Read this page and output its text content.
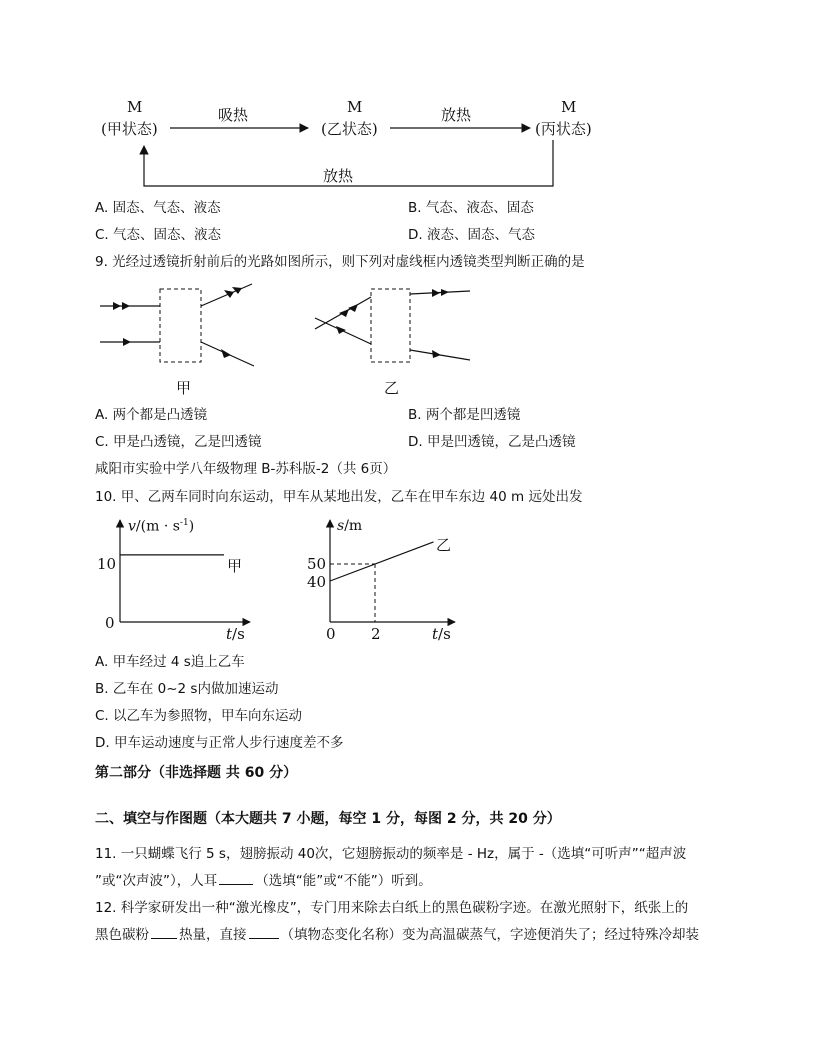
M
(甲状态)
M
(乙状态)
M
(丙状态)
吸热	放热
放热
A. 固态、气态、液态	B. 气态、液态、固态
C. 气态、固态、液态	D. 液态、固态、气态
9. 光经过透镜折射前后的光路如图所示，则下列对虚线框内透镜类型判断正确的是
甲	乙
A. 两个都是凸透镜	B. 两个都是凹透镜
C. 甲是凸透镜，乙是凹透镜	D. 甲是凹透镜，乙是凸透镜
咸阳市实验中学八年级物理 B-苏科版-2（共 6页）
10. 甲、乙两车同时向东运动，甲车从某地出发，乙车在甲车东边 40 m 远处出发
$v/(m \cdot s^{-1})$
10
0
甲
t/s
s/m
50
40
0 2
乙
t/s
A. 甲车经过 4 s追上乙车
B. 乙车在 0~2 s内做加速运动
C. 以乙车为参照物，甲车向东运动
D. 甲车运动速度与正常人步行速度差不多
第二部分（非选择题 共 60 分）
二、填空与作图题（本大题共 7 小题，每空 1 分，每图 2 分，共 20 分）
11. 一只蝴蝶飞行 5 s，翅膀振动 40次，它翅膀振动的频率是 - Hz，属于 -（选填“可听声”“超声波
”或“次声波”），人耳	（选填“能”或“不能”）听到。
12. 科学家研发出一种“激光橡皮”，专门用来除去白纸上的黑色碳粉字迹。在激光照射下，纸张上的
黑色碳粉 热量，直接	（填物态变化名称）变为高温碳蒸气，字迹便消失了；经过特殊冷却装
